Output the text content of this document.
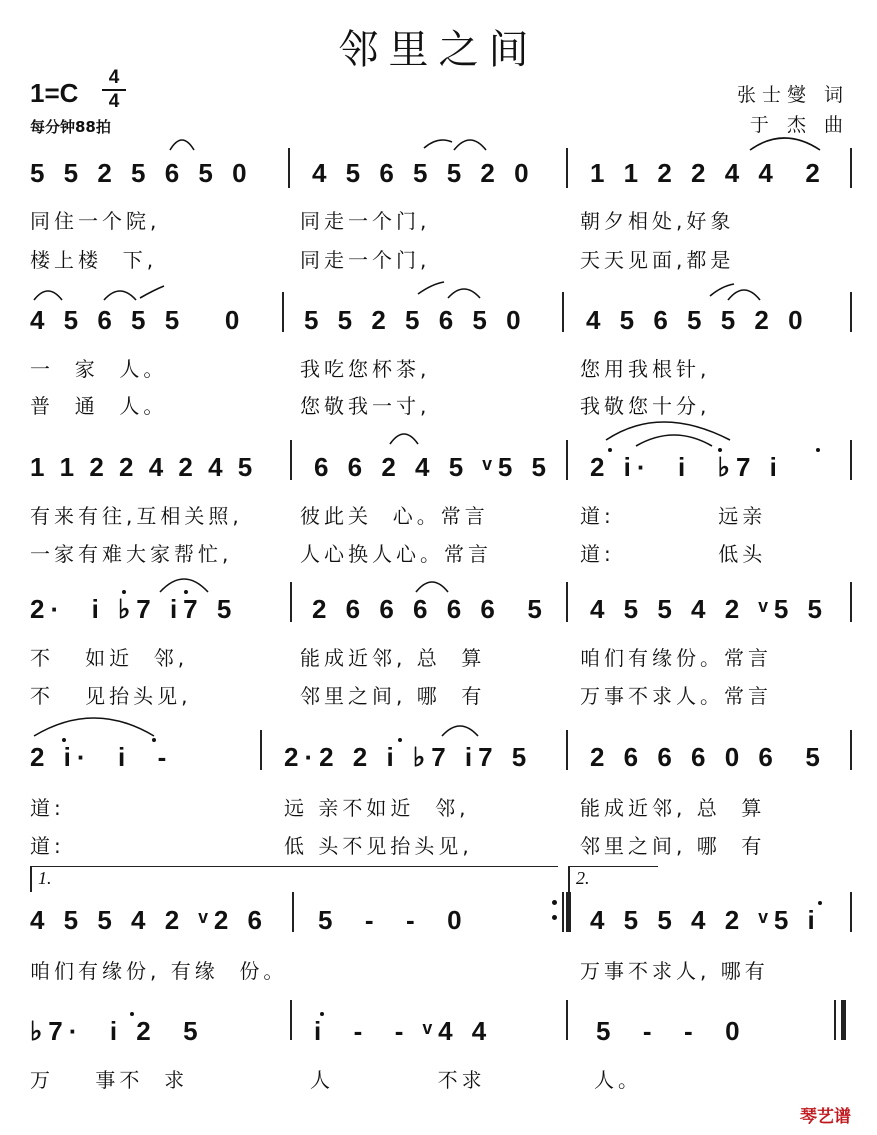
邻里之间
1=C
4
4
每分钟88拍
张士燮 词
于 杰 曲
5 5 2 5 6 5 0 4 5 6 5 5 2 0 1 1 2 2 4 4  2
同住一个院,	同走一个门,	朝夕相处,好象
楼上楼  下,	同走一个门,	天天见面,都是
4 5 6 5 5   0 5 5 2 5 6 5 0 4 5 6 5 5 2 0
一  家  人。	我吃您杯茶,	您用我根针,
普  通  人。	您敬我一寸,	我敬您十分,
1 1 2 2 4 2 4 5 6 6 2 4 5 ᵛ5 5 2 i·  i  ♭7 i
有来有往,互相关照,	彼此关  心。常言	道:          远亲
一家有难大家帮忙,	人心换人心。常言	道:          低头
2·  i ♭7 i7 5	2 6 6 6 6 6  5 4 5 5 4 2 ᵛ5 5
不   如近  邻,	能成近邻, 总  算	咱们有缘份。常言
不   见抬头见,	邻里之间, 哪  有	万事不求人。常言
2 i·  i  -	2·2 2 i ♭7 i7 5 2 6 6 6 0 6  5
道:	远 亲不如近  邻,	能成近邻, 总  算
道:	低 头不见抬头见,	邻里之间, 哪  有
1.	2.
4 5 5 4 2 ᵛ2 6 5  -  -  0	4 5 5 4 2 ᵛ5 i
咱们有缘份, 有缘  份。	万事不求人, 哪有
♭7·  i 2  5	i  -  - ᵛ4 4	5  -  -  0
万    事不  求	人          不求	人。
琴艺谱
